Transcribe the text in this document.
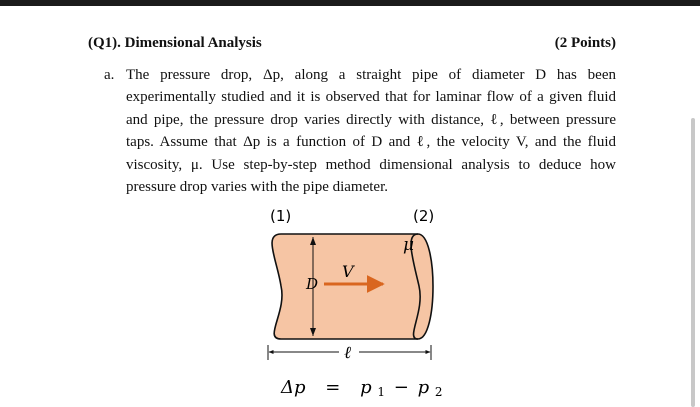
(Q1). Dimensional Analysis	(2 Points)
a. The pressure drop, Δp, along a straight pipe of diameter D has been experimentally studied and it is observed that for laminar flow of a given fluid and pipe, the pressure drop varies directly with distance, ℓ, between pressure taps. Assume that Δp is a function of D and ℓ, the velocity V, and the fluid viscosity, μ. Use step-by-step method dimensional analysis to deduce how pressure drop varies with the pipe diameter.
(1)	(2)
μ
D
V
ℓ
Δp = p 1 − p 2
